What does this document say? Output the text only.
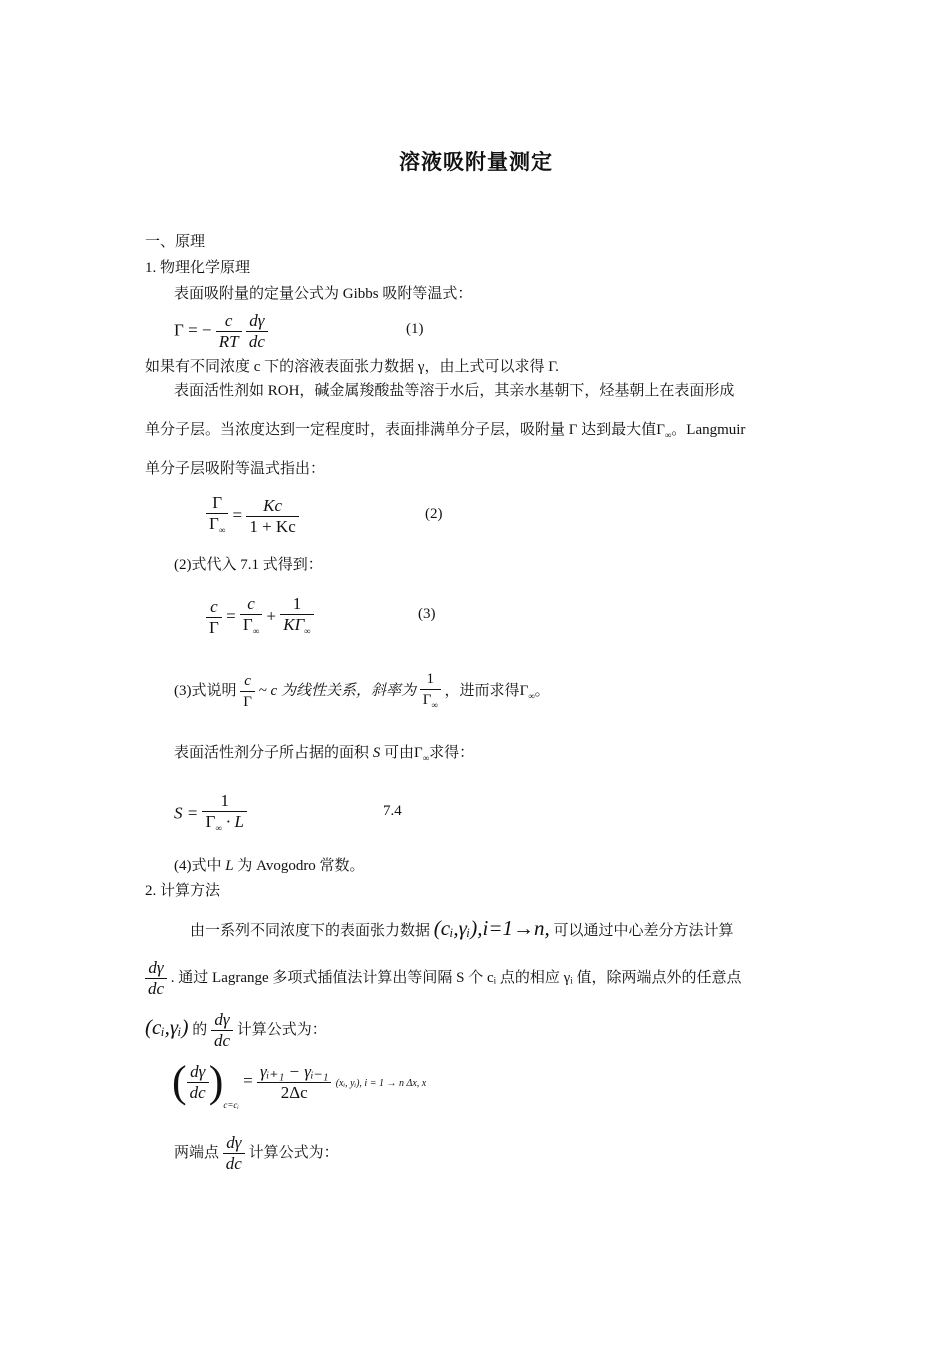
溶液吸附量测定
一、原理
1. 物理化学原理
表面吸附量的定量公式为 Gibbs 吸附等温式：
Γ = − $\frac{c}{RT}$
$\frac{d\gamma}{dc}$	(1)
如果有不同浓度 c 下的溶液表面张力数据 γ，由上式可以求得 Γ.
表面活性剂如 ROH，碱金属羧酸盐等溶于水后，其亲水基朝下，烃基朝上在表面形成
单分子层。当浓度达到一定程度时，表面排满单分子层，吸附量 Γ 达到最大值$\Gamma_\infty$。Langmuir
单分子层吸附等温式指出：
$\frac{\Gamma}{\Gamma_\infty} = \frac{Kc}{1 + Kc}$	(2)
(2)式代入 7.1 式得到：
$\frac{c}{\Gamma} = \frac{c}{\Gamma_\infty} + \frac{1}{K\Gamma_\infty}$	(3)
(3)式说明 $\frac{c}{\Gamma}$ ~ c 为线性关系，斜率为 $\frac{1}{\Gamma_\infty}$ ，进而求得$\Gamma_\infty$。
表面活性剂分子所占据的面积 S 可由$\Gamma_\infty$求得：
$S = \frac{1}{\Gamma_\infty \cdot L}$	7.4
(4)式中 L 为 Avogodro 常数。
2. 计算方法
由一系列不同浓度下的表面张力数据 (cᵢ,γᵢ),i=1→n, 可以通过中心差分方法计算
$\frac{d\gamma}{dc}$ . 通过 Lagrange 多项式插值法计算出等间隔 S 个 cᵢ 点的相应 γᵢ 值，除两端点外的任意点
(cᵢ,γᵢ) 的 $\frac{d\gamma}{dc}$ 计算公式为：
( $\frac{d\gamma}{dc} )_{c=cᵢ} = \frac{\text{γᵢ₊₁ − γᵢ₋₁}}{2\Delta c}$ (xᵢ, yᵢ), i = 1 → n Δx, x
两端点 $\frac{d\gamma}{dc}$ 计算公式为：
